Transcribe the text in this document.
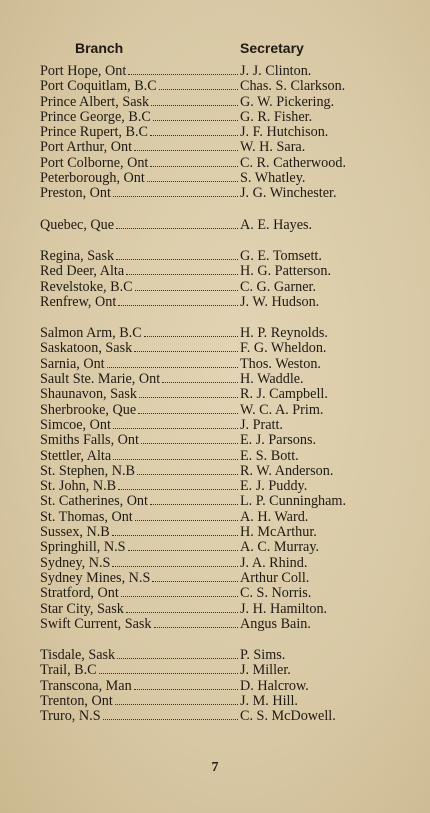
Branch	Secretary
Port Hope, Ont	J. J. Clinton.
Port Coquitlam, B.C	Chas. S. Clarkson.
Prince Albert, Sask	G. W. Pickering.
Prince George, B.C	G. R. Fisher.
Prince Rupert, B.C	J. F. Hutchison.
Port Arthur, Ont	W. H. Sara.
Port Colborne, Ont	C. R. Catherwood.
Peterborough, Ont	S. Whatley.
Preston, Ont	J. G. Winchester.
Quebec, Que	A. E. Hayes.
Regina, Sask	G. E. Tomsett.
Red Deer, Alta	H. G. Patterson.
Revelstoke, B.C	C. G. Garner.
Renfrew, Ont	J. W. Hudson.
Salmon Arm, B.C	H. P. Reynolds.
Saskatoon, Sask	F. G. Wheldon.
Sarnia, Ont	Thos. Weston.
Sault Ste. Marie, Ont	H. Waddle.
Shaunavon, Sask	R. J. Campbell.
Sherbrooke, Que	W. C. A. Prim.
Simcoe, Ont	J. Pratt.
Smiths Falls, Ont	E. J. Parsons.
Stettler, Alta	E. S. Bott.
St. Stephen, N.B	R. W. Anderson.
St. John, N.B	E. J. Puddy.
St. Catherines, Ont	L. P. Cunningham.
St. Thomas, Ont	A. H. Ward.
Sussex, N.B	H. McArthur.
Springhill, N.S	A. C. Murray.
Sydney, N.S	J. A. Rhind.
Sydney Mines, N.S	Arthur Coll.
Stratford, Ont	C. S. Norris.
Star City, Sask	J. H. Hamilton.
Swift Current, Sask	Angus Bain.
Tisdale, Sask	P. Sims.
Trail, B.C	J. Miller.
Transcona, Man	D. Halcrow.
Trenton, Ont	J. M. Hill.
Truro, N.S	C. S. McDowell.
7
